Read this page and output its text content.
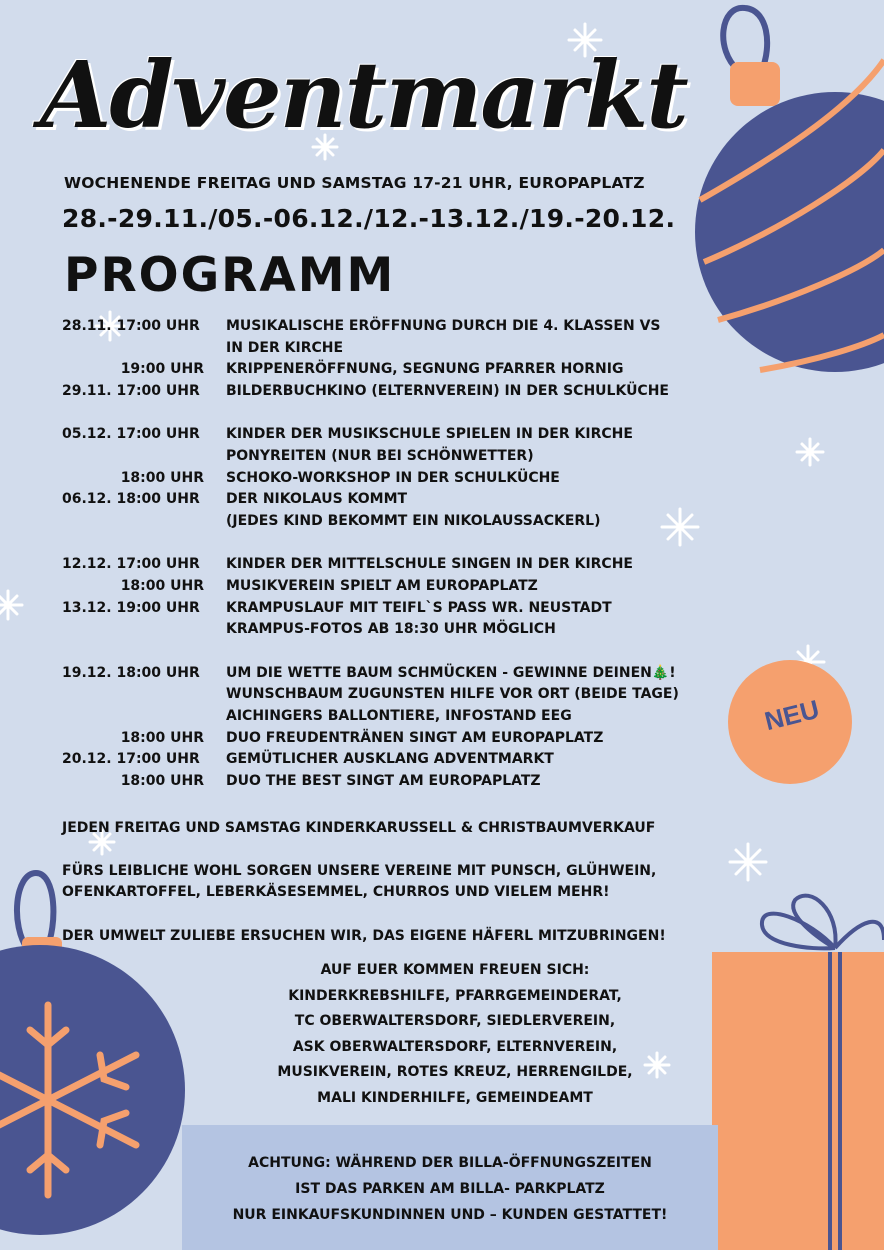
NEU
Adventmarkt
WOCHENENDE FREITAG UND SAMSTAG 17-21 UHR, EUROPAPLATZ
28.-29.11./05.-06.12./12.-13.12./19.-20.12.
PROGRAMM
28.11. 17:00 UHR	MUSIKALISCHE ERÖFFNUNG DURCH DIE 4. KLASSEN VS
IN DER KIRCHE
19:00 UHR	KRIPPENERÖFFNUNG, SEGNUNG PFARRER HORNIG
29.11. 17:00 UHR	BILDERBUCHKINO (ELTERNVEREIN) IN DER SCHULKÜCHE
05.12. 17:00 UHR	KINDER DER MUSIKSCHULE SPIELEN IN DER KIRCHE
PONYREITEN (NUR BEI SCHÖNWETTER)
18:00 UHR	SCHOKO-WORKSHOP IN DER SCHULKÜCHE
06.12. 18:00 UHR	DER NIKOLAUS KOMMT
(JEDES KIND BEKOMMT EIN NIKOLAUSSACKERL)
12.12. 17:00 UHR	KINDER DER MITTELSCHULE SINGEN IN DER KIRCHE
18:00 UHR	MUSIKVEREIN SPIELT AM EUROPAPLATZ
13.12. 19:00 UHR	KRAMPUSLAUF MIT TEIFL`S PASS WR. NEUSTADT
KRAMPUS-FOTOS AB 18:30 UHR MÖGLICH
19.12. 18:00 UHR	UM DIE WETTE BAUM SCHMÜCKEN - GEWINNE DEINEN🎄!
WUNSCHBAUM ZUGUNSTEN HILFE VOR ORT (BEIDE TAGE)
AICHINGERS BALLONTIERE, INFOSTAND EEG
18:00 UHR	DUO FREUDENTRÄNEN SINGT AM EUROPAPLATZ
20.12. 17:00 UHR	GEMÜTLICHER AUSKLANG ADVENTMARKT
18:00 UHR	DUO THE BEST SINGT AM EUROPAPLATZ
JEDEN FREITAG UND SAMSTAG KINDERKARUSSELL & CHRISTBAUMVERKAUF
FÜRS LEIBLICHE WOHL SORGEN UNSERE VEREINE MIT PUNSCH, GLÜHWEIN,
OFENKARTOFFEL, LEBERKÄSESEMMEL, CHURROS UND VIELEM MEHR!
DER UMWELT ZULIEBE ERSUCHEN WIR, DAS EIGENE HÄFERL MITZUBRINGEN!
AUF EUER KOMMEN FREUEN SICH:
KINDERKREBSHILFE, PFARRGEMEINDERAT,
TC OBERWALTERSDORF, SIEDLERVEREIN,
ASK OBERWALTERSDORF, ELTERNVEREIN,
MUSIKVEREIN, ROTES KREUZ, HERRENGILDE,
MALI KINDERHILFE, GEMEINDEAMT
ACHTUNG: WÄHREND DER BILLA-ÖFFNUNGSZEITEN
IST DAS PARKEN AM BILLA- PARKPLATZ
NUR EINKAUFSKUNDINNEN UND – KUNDEN GESTATTET!
